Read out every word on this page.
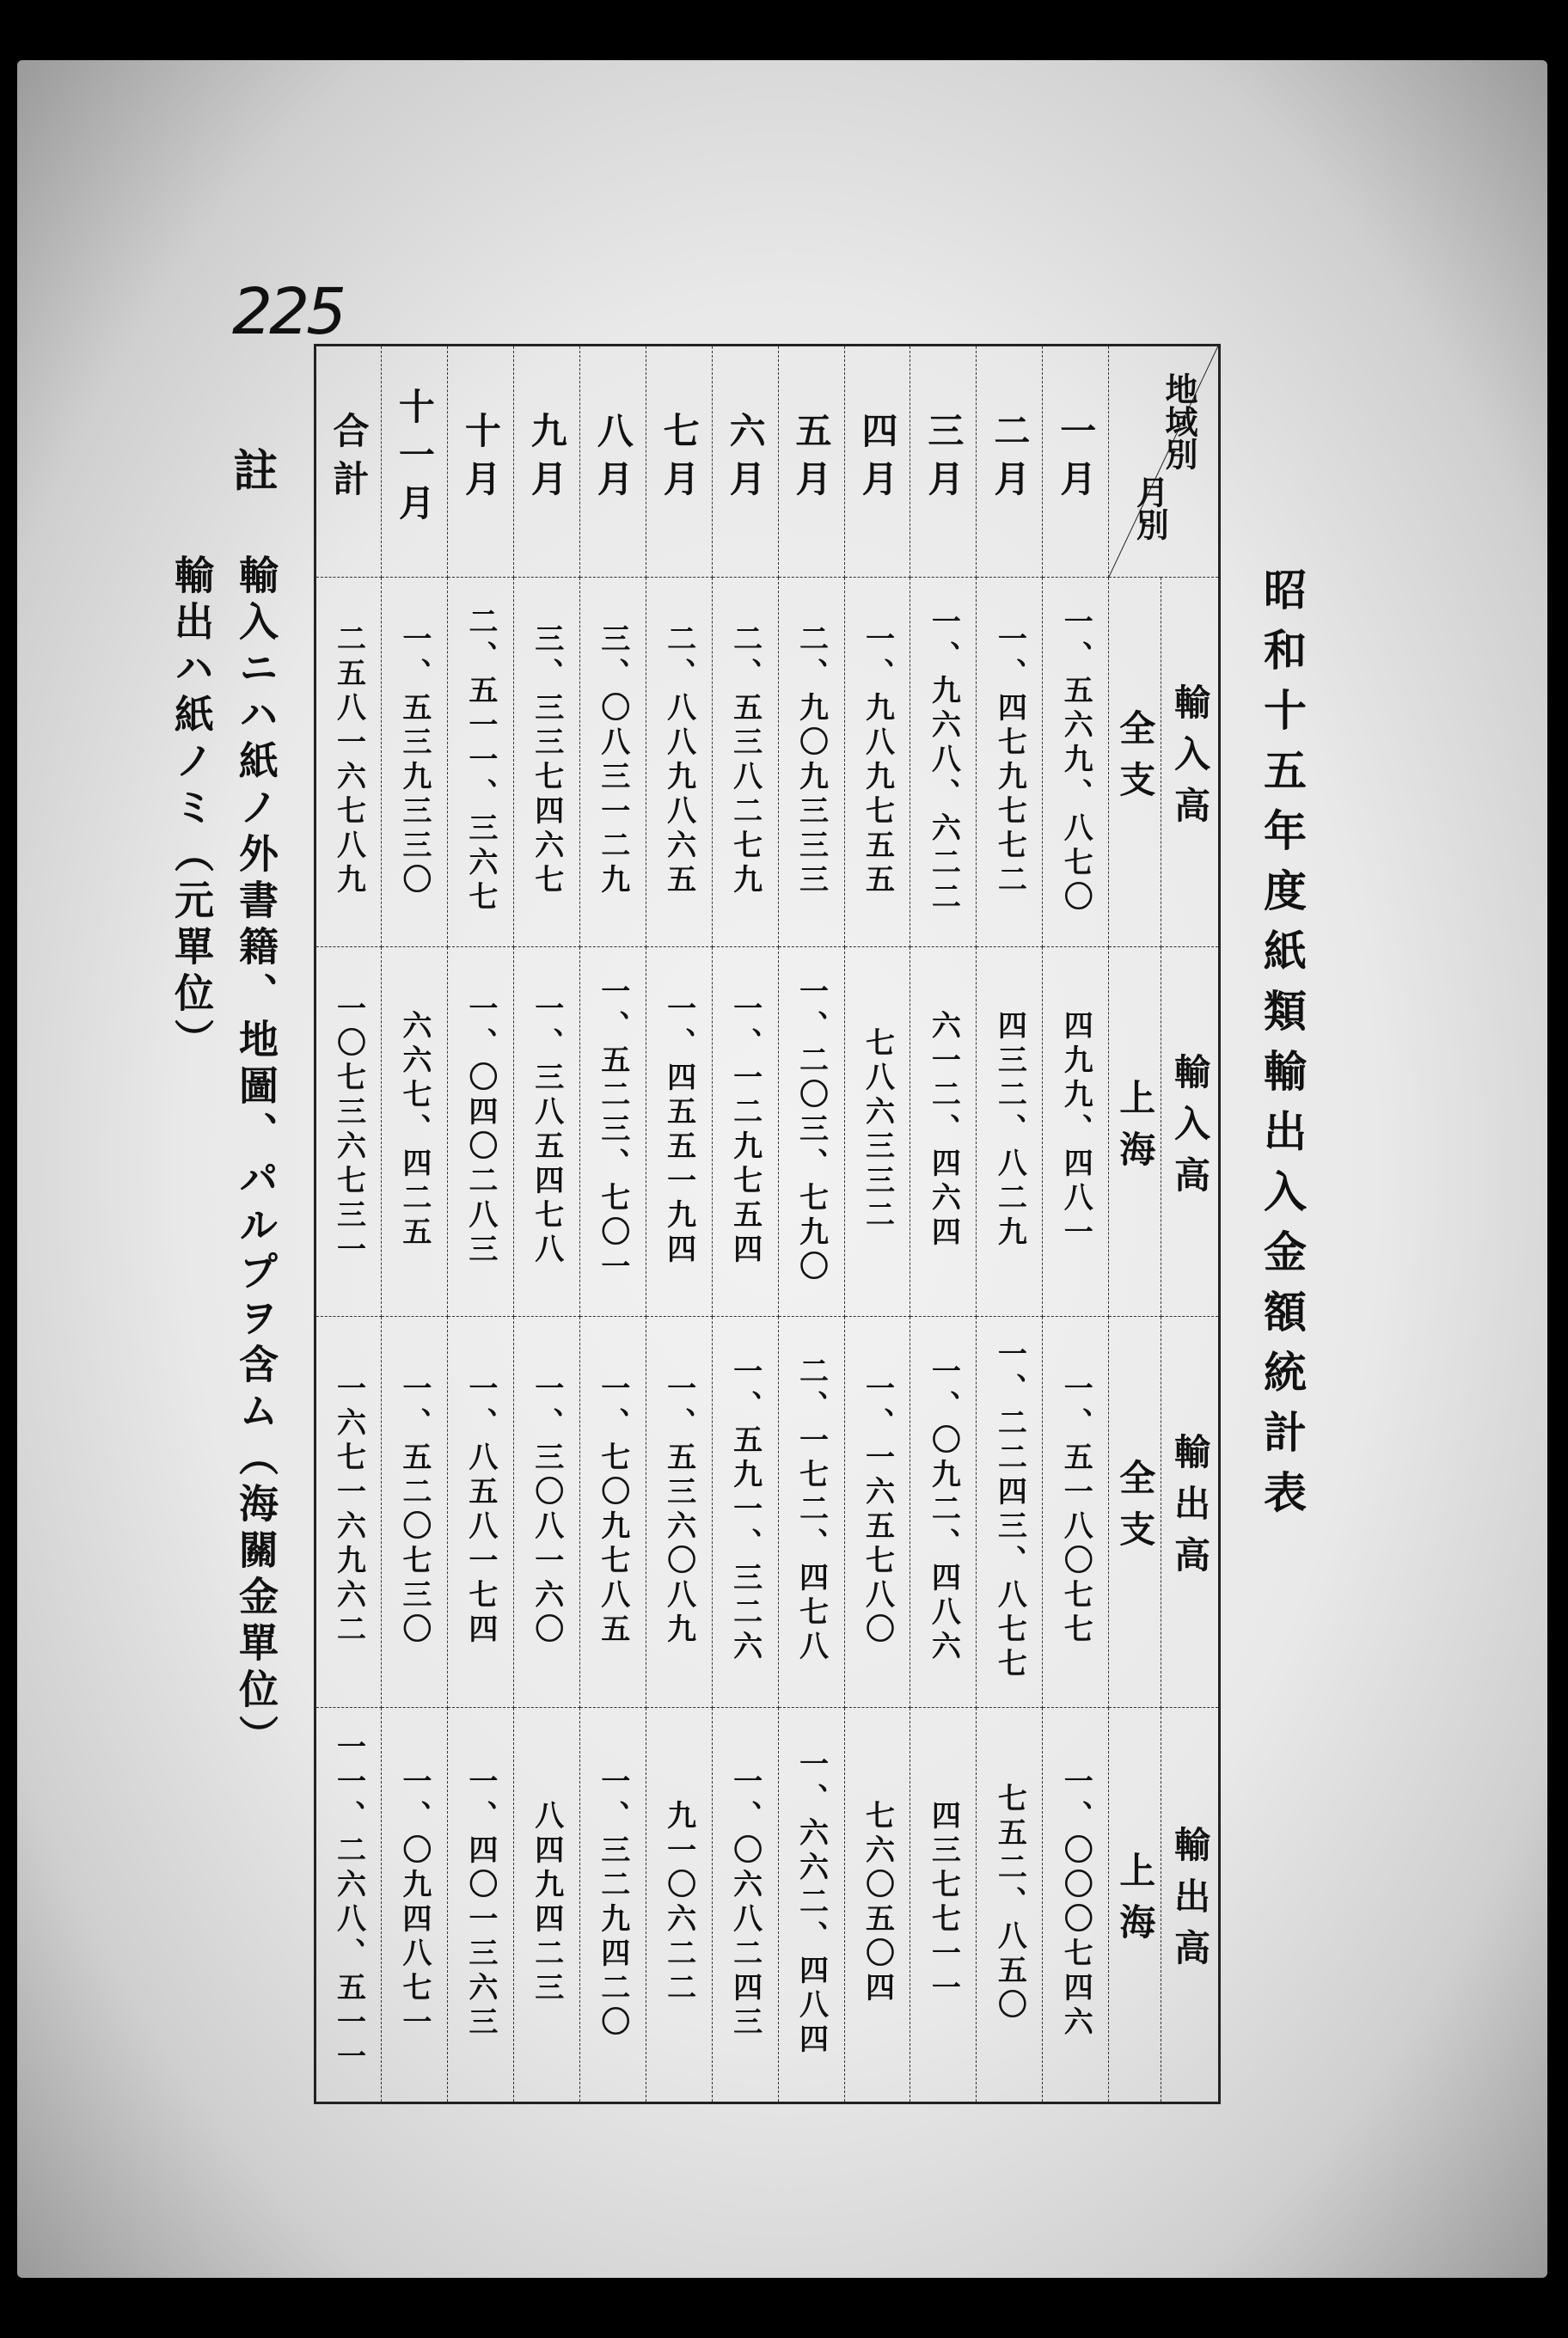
225
昭和十五年度紙類輸出入金額統計表
註
輸入ニハ紙ノ外書籍、地圖、パルプヲ含ム（海關金單位）
輸出ハ紙ノミ（元單位）
合計	十一月	十月	九月	八月	七月	六月	五月	四月	三月	二月	一月	地域別
月別	

二五八一六七八九	一、五三九三三〇	二、五一一、三六七	三、三三七四六七	三、〇八三一二九	二、八八九八六五	二、五三八二七九	二、九〇九三三三	一、九八九七五五	一、九六八、六二二	一、四七九七七二	一、五六九、八七〇	全支	輸入高
一〇七三六七三一	六六七、四二五	一、〇四〇二八三	一、三八五四七八	一、五二三、七〇一	一、四五五一九四	一、一二九七五四	一、二〇三、七九〇	七八六三三二	六一二、四六四	四三二、八二九	四九九、四八一	上海	輸入高
一六七一六九六二	一、五二〇七三〇	一、八五八一七四	一、三〇八一六〇	一、七〇九七八五	一、五三六〇八九	一、五九一、三二六	二、一七二、四七八	一、一六五七八〇	一、〇九二、四八六	一、二二四三、八七七	一、五一八〇七七	全支	輸出高
一一、二六八、五一一	一、〇九四八七一	一、四〇一三六三	八四九四二三	一、三二九四二〇	九一〇六二二	一、〇六八二四三	一、六六二、四八四	七六〇五〇四	四三七七一一	七五二、八五〇	一、〇〇〇七四六	上海	輸出高
